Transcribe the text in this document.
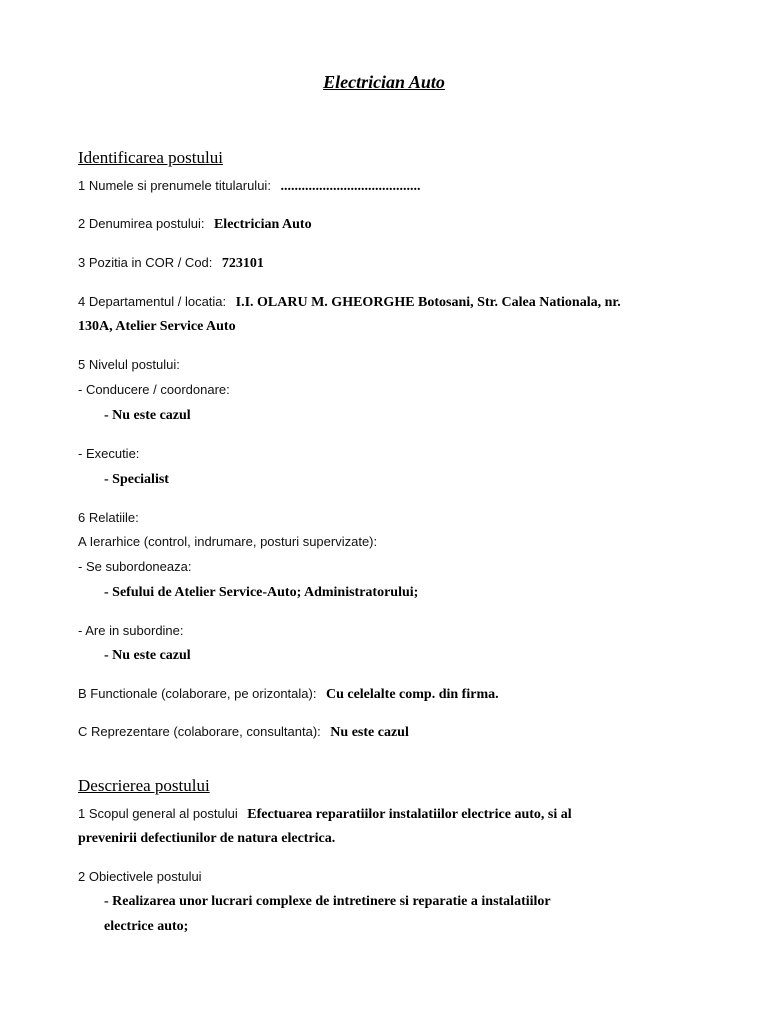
Electrician Auto
Identificarea postului
1 Numele si prenumele titularului: ........................................
2 Denumirea postului: Electrician Auto
3 Pozitia in COR / Cod: 723101
4 Departamentul / locatia: I.I. OLARU M. GHEORGHE Botosani, Str. Calea Nationala, nr.
130A, Atelier Service Auto
5 Nivelul postului:
- Conducere / coordonare:
- Nu este cazul
- Executie:
- Specialist
6 Relatiile:
A Ierarhice (control, indrumare, posturi supervizate):
- Se subordoneaza:
- Sefului de Atelier Service-Auto; Administratorului;
- Are in subordine:
- Nu este cazul
B Functionale (colaborare, pe orizontala): Cu celelalte comp. din firma.
C Reprezentare (colaborare, consultanta): Nu este cazul
Descrierea postului
1 Scopul general al postului Efectuarea reparatiilor instalatiilor electrice auto, si al
prevenirii defectiunilor de natura electrica.
2 Obiectivele postului
- Realizarea unor lucrari complexe de intretinere si reparatie a instalatiilor
electrice auto;
